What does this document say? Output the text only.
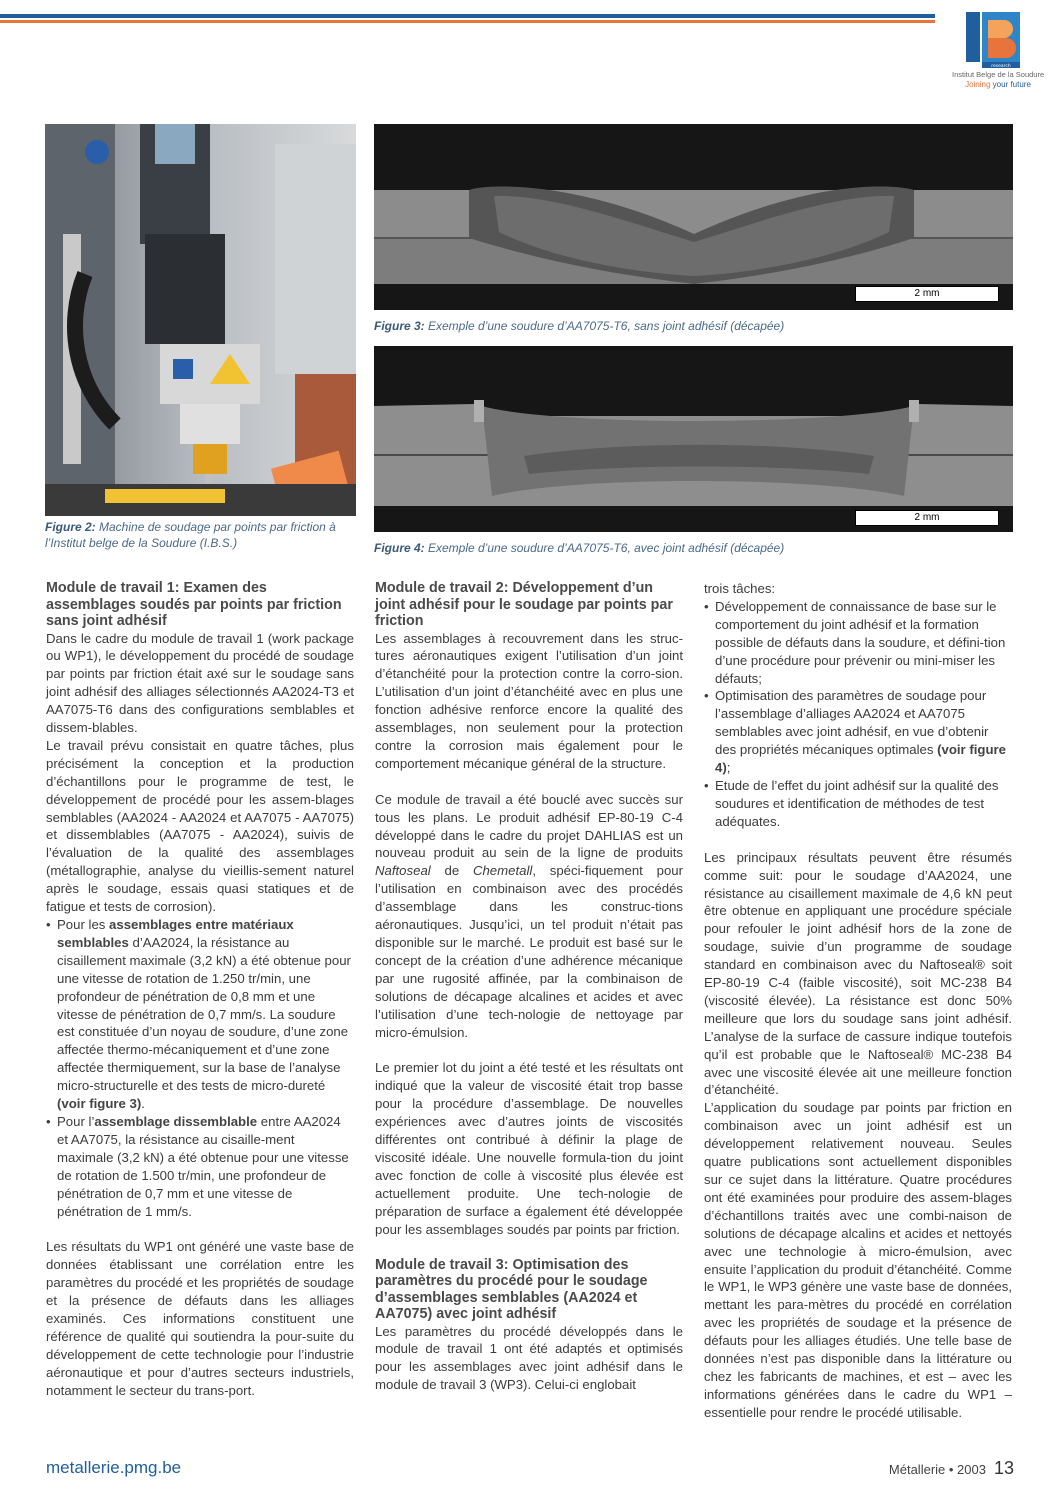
research
Institut Belge de la Soudure
Joining your future
Figure 2: Machine de soudage par points par friction à l’Institut belge de la Soudure (I.B.S.)
2 mm
Figure 3: Exemple d’une soudure d’AA7075-T6, sans joint adhésif (décapée)
2 mm
Figure 4: Exemple d’une soudure d’AA7075-T6, avec joint adhésif (décapée)
Module de travail 1: Examen des assemblages soudés par points par friction sans joint adhésif

Dans le cadre du module de travail 1 (work package ou WP1), le développement du procédé de soudage par points par friction était axé sur le soudage sans joint adhésif des alliages sélectionnés AA2024-T3 et AA7075-T6 dans des configurations semblables et dissem-blables.

Le travail prévu consistait en quatre tâches, plus précisément la conception et la production d’échantillons pour le programme de test, le développement de procédé pour les assem-blages semblables (AA2024 - AA2024 et AA7075 - AA7075) et dissemblables (AA7075 - AA2024), suivis de l’évaluation de la qualité des assemblages (métallographie, analyse du vieillis-sement naturel après le soudage, essais quasi statiques et de fatigue et tests de corrosion).

• Pour les assemblages entre matériaux semblables d’AA2024, la résistance au cisaillement maximale (3,2 kN) a été obtenue pour une vitesse de rotation de 1.250 tr/min, une profondeur de pénétration de 0,8 mm et une vitesse de pénétration de 0,7 mm/s. La soudure est constituée d’un noyau de soudure, d’une zone affectée thermo-mécaniquement et d’une zone affectée thermiquement, sur la base de l’analyse micro-structurelle et des tests de micro-dureté (voir figure 3).
• Pour l’assemblage dissemblable entre AA2024 et AA7075, la résistance au cisaille-ment maximale (3,2 kN) a été obtenue pour une vitesse de rotation de 1.500 tr/min, une profondeur de pénétration de 0,7 mm et une vitesse de pénétration de 1 mm/s.

Les résultats du WP1 ont généré une vaste base de données établissant une corrélation entre les paramètres du procédé et les propriétés de soudage et la présence de défauts dans les alliages examinés. Ces informations constituent une référence de qualité qui soutiendra la pour-suite du développement de cette technologie pour l’industrie aéronautique et pour d’autres secteurs industriels, notamment le secteur du trans-port.

Module de travail 2: Développement d’un joint adhésif pour le soudage par points par friction

Les assemblages à recouvrement dans les struc-tures aéronautiques exigent l’utilisation d’un joint d’étanchéité pour la protection contre la corro-sion. L’utilisation d’un joint d’étanchéité avec en plus une fonction adhésive renforce encore la qualité des assemblages, non seulement pour la protection contre la corrosion mais également pour le comportement mécanique général de la structure.

Ce module de travail a été bouclé avec succès sur tous les plans. Le produit adhésif EP-80-19 C-4 développé dans le cadre du projet DAHLIAS est un nouveau produit au sein de la ligne de produits Naftoseal de Chemetall, spéci-fiquement pour l’utilisation en combinaison avec des procédés d’assemblage dans les construc-tions aéronautiques. Jusqu’ici, un tel produit n’était pas disponible sur le marché. Le produit est basé sur le concept de la création d’une adhérence mécanique par une rugosité affinée, par la combinaison de solutions de décapage alcalines et acides et avec l’utilisation d’une tech-nologie de nettoyage par micro-émulsion.

Le premier lot du joint a été testé et les résultats ont indiqué que la valeur de viscosité était trop basse pour la procédure d’assemblage. De nouvelles expériences avec d’autres joints de viscosités différentes ont contribué à définir la plage de viscosité idéale. Une nouvelle formula-tion du joint avec fonction de colle à viscosité plus élevée est actuellement produite. Une tech-nologie de préparation de surface a également été développée pour les assemblages soudés par points par friction.

Module de travail 3: Optimisation des paramètres du procédé pour le soudage d’assemblages semblables (AA2024 et AA7075) avec joint adhésif

Les paramètres du procédé développés dans le module de travail 1 ont été adaptés et optimisés pour les assemblages avec joint adhésif dans le module de travail 3 (WP3). Celui-ci englobait

trois tâches:

• Développement de connaissance de base sur le comportement du joint adhésif et la formation possible de défauts dans la soudure, et défini-tion d’une procédure pour prévenir ou mini-miser les défauts;
• Optimisation des paramètres de soudage pour l’assemblage d’alliages AA2024 et AA7075 semblables avec joint adhésif, en vue d’obtenir des propriétés mécaniques optimales (voir figure 4);
• Etude de l’effet du joint adhésif sur la qualité des soudures et identification de méthodes de test adéquates.

Les principaux résultats peuvent être résumés comme suit: pour le soudage d’AA2024, une résistance au cisaillement maximale de 4,6 kN peut être obtenue en appliquant une procédure spéciale pour refouler le joint adhésif hors de la zone de soudage, suivie d’un programme de soudage standard en combinaison avec du Naftoseal® soit EP-80-19 C-4 (faible viscosité), soit MC-238 B4 (viscosité élevée). La résistance est donc 50% meilleure que lors du soudage sans joint adhésif. L’analyse de la surface de cassure indique toutefois qu’il est probable que le Naftoseal® MC-238 B4 avec une viscosité élevée ait une meilleure fonction d’étanchéité.

L’application du soudage par points par friction en combinaison avec un joint adhésif est un développement relativement nouveau. Seules quatre publications sont actuellement disponibles sur ce sujet dans la littérature. Quatre procédures ont été examinées pour produire des assem-blages d’échantillons traités avec une combi-naison de solutions de décapage alcalins et acides et nettoyés avec une technologie à micro-émulsion, avec ensuite l’application du produit d’étanchéité. Comme le WP1, le WP3 génère une vaste base de données, mettant les para-mètres du procédé en corrélation avec les propriétés de soudage et la présence de défauts pour les alliages étudiés. Une telle base de données n’est pas disponible dans la littérature ou chez les fabricants de machines, et est – avec les informations générées dans le cadre du WP1 – essentielle pour rendre le procédé utilisable.

metallerie.pmg.be	Métallerie • 2003 13
